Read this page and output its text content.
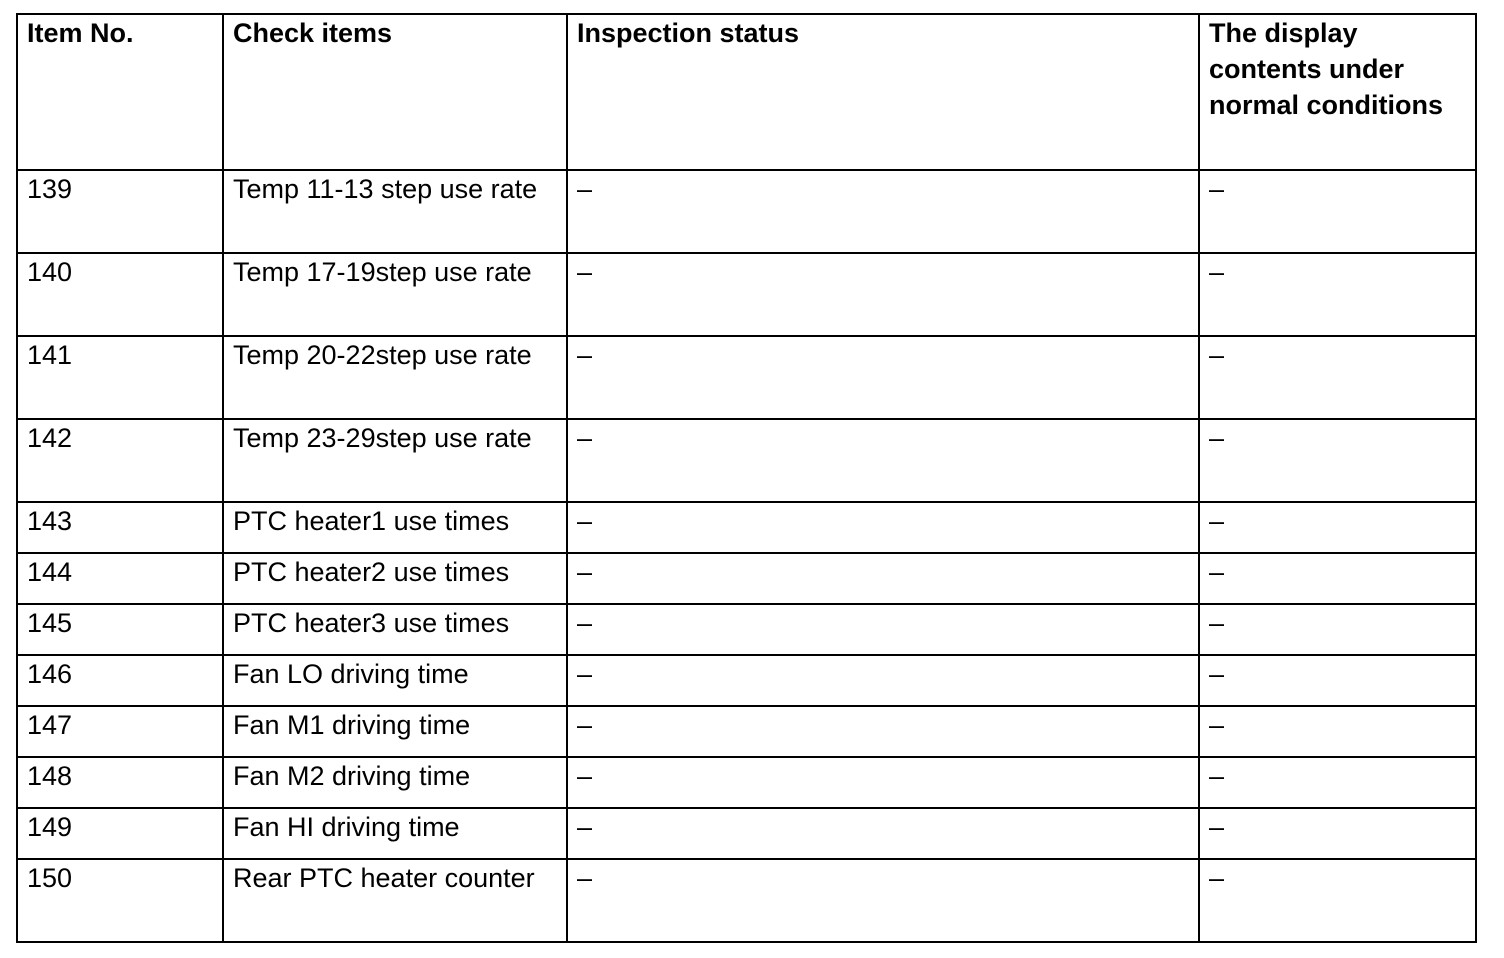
Item No.	Check items	Inspection status	The display contents under normal conditions
139	Temp 11-13 step use rate	–	–
140	Temp 17-19step use rate	–	–
141	Temp 20-22step use rate	–	–
142	Temp 23-29step use rate	–	–
143	PTC heater1 use times	–	–
144	PTC heater2 use times	–	–
145	PTC heater3 use times	–	–
146	Fan LO driving time	–	–
147	Fan M1 driving time	–	–
148	Fan M2 driving time	–	–
149	Fan HI driving time	–	–
150	Rear PTC heater counter	–	–
